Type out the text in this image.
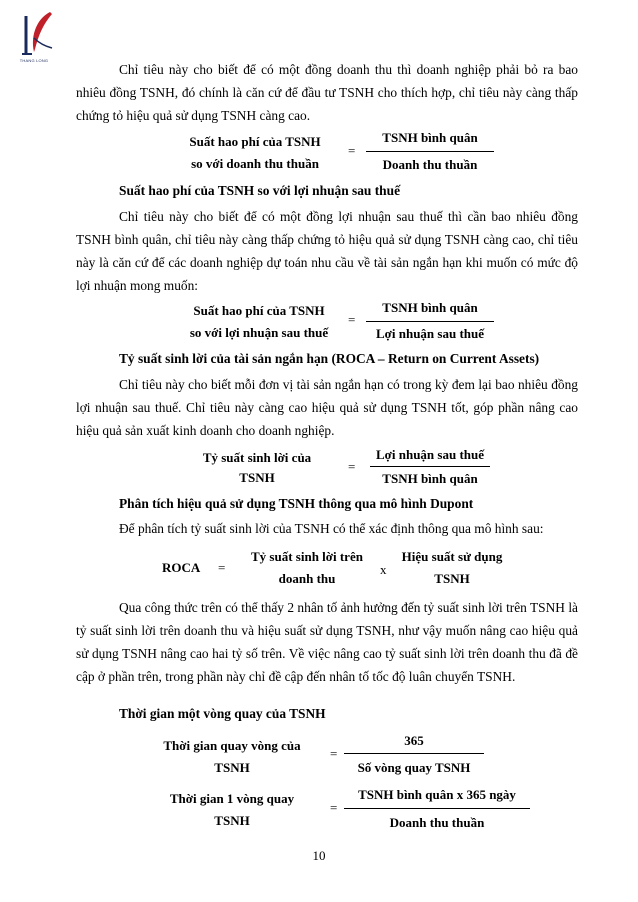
THANG LONG

Chỉ tiêu này cho biết để có một đồng doanh thu thì doanh nghiệp phải bỏ ra bao nhiêu đồng TSNH, đó chính là căn cứ để đầu tư TSNH cho thích hợp, chỉ tiêu này càng thấp chứng tỏ hiệu quả sử dụng TSNH càng cao.

Suất hao phí của TSNH
so với doanh thu thuần
=
TSNH bình quân
Doanh thu thuần
Suất hao phí của TSNH so với lợi nhuận sau thuế

Chỉ tiêu này cho biết để có một đồng lợi nhuận sau thuế thì cần bao nhiêu đồng TSNH bình quân, chỉ tiêu này càng thấp chứng tỏ hiệu quả sử dụng TSNH càng cao, chỉ tiêu này là căn cứ để các doanh nghiệp dự toán nhu cầu về tài sản ngắn hạn khi muốn có mức độ lợi nhuận mong muốn:

Suất hao phí của TSNH
so với lợi nhuận sau thuế
=
TSNH bình quân
Lợi nhuận sau thuế
Tỷ suất sinh lời của tài sản ngắn hạn (ROCA – Return on Current Assets)

Chỉ tiêu này cho biết mỗi đơn vị tài sản ngắn hạn có trong kỳ đem lại bao nhiêu đồng lợi nhuận sau thuế. Chỉ tiêu này càng cao hiệu quả sử dụng TSNH tốt, góp phần nâng cao hiệu quả sản xuất kinh doanh cho doanh nghiệp.

Tỷ suất sinh lời của
TSNH
=
Lợi nhuận sau thuế
TSNH bình quân
Phân tích hiệu quả sử dụng TSNH thông qua mô hình Dupont

Để phân tích tỷ suất sinh lời của TSNH có thể xác định thông qua mô hình sau:

ROCA =
Tỷ suất sinh lời trên
doanh thu
x
Hiệu suất sử dụng
TSNH

Qua công thức trên có thể thấy 2 nhân tố ảnh hưởng đến tỷ suất sinh lời trên TSNH là tỷ suất sinh lời trên doanh thu và hiệu suất sử dụng TSNH, như vậy muốn nâng cao hiệu quả sử dụng TSNH nâng cao hai tỷ số trên. Về việc nâng cao tỷ suất sinh lời trên doanh thu đã đề cập ở phần trên, trong phần này chỉ đề cập đến nhân tố tốc độ luân chuyển TSNH.

Thời gian một vòng quay của TSNH
Thời gian quay vòng của
TSNH
=
365
Số vòng quay TSNH
Thời gian 1 vòng quay
TSNH
=
TSNH bình quân x 365 ngày
Doanh thu thuần
10
